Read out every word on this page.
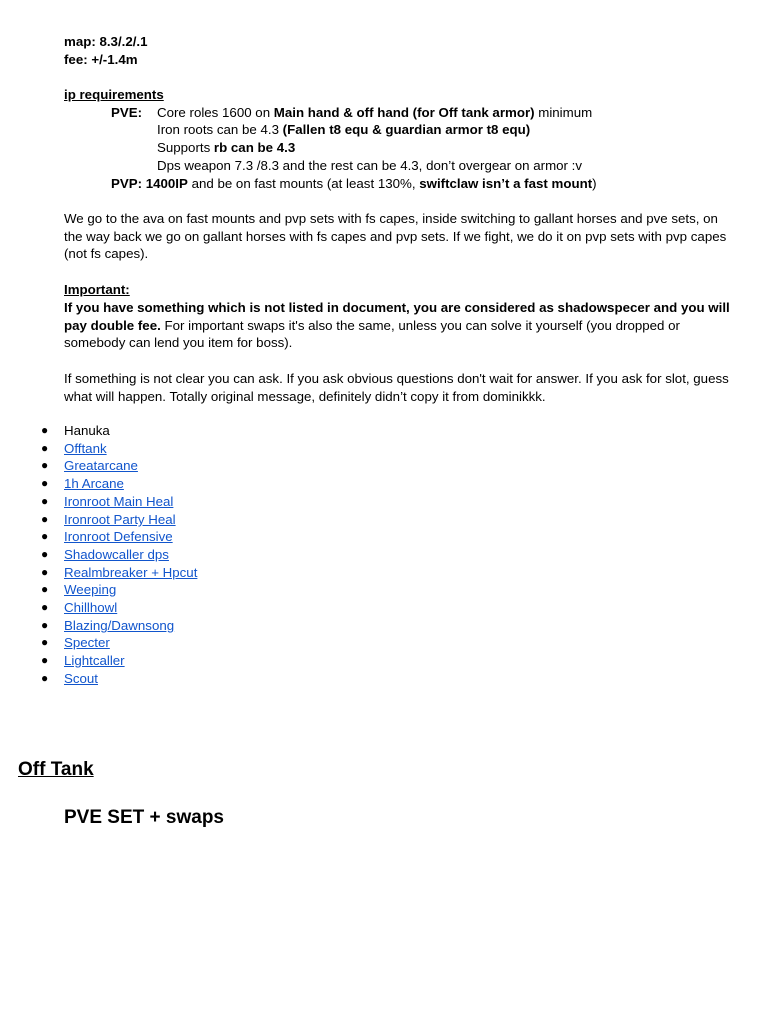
map: 8.3/.2/.1
fee: +/-1.4m
ip requirements
PVE: Core roles 1600 on Main hand & off hand (for Off tank armor) minimum
Iron roots can be 4.3 (Fallen t8 equ & guardian armor t8 equ)
Supports rb can be 4.3
Dps weapon 7.3 /8.3 and the rest can be 4.3, don’t overgear on armor :v
PVP: 1400IP and be on fast mounts (at least 130%, swiftclaw isn’t a fast mount)
We go to the ava on fast mounts and pvp sets with fs capes, inside switching to gallant horses and pve sets, on the way back we go on gallant horses with fs capes and pvp sets. If we fight, we do it on pvp sets with pvp capes (not fs capes).
Important:
If you have something which is not listed in document, you are considered as shadowspecer and you will pay double fee. For important swaps it's also the same, unless you can solve it yourself (you dropped or somebody can lend you item for boss).
If something is not clear you can ask. If you ask obvious questions don't wait for answer. If you ask for slot, guess what will happen. Totally original message, definitely didn’t copy it from dominikkk.
● Hanuka
● Offtank
● Greatarcane
● 1h Arcane
● Ironroot Main Heal
● Ironroot Party Heal
● Ironroot Defensive
● Shadowcaller dps
● Realmbreaker + Hpcut
● Weeping
● Chillhowl
● Blazing/Dawnsong
● Specter
● Lightcaller
● Scout
Off Tank
PVE SET + swaps
